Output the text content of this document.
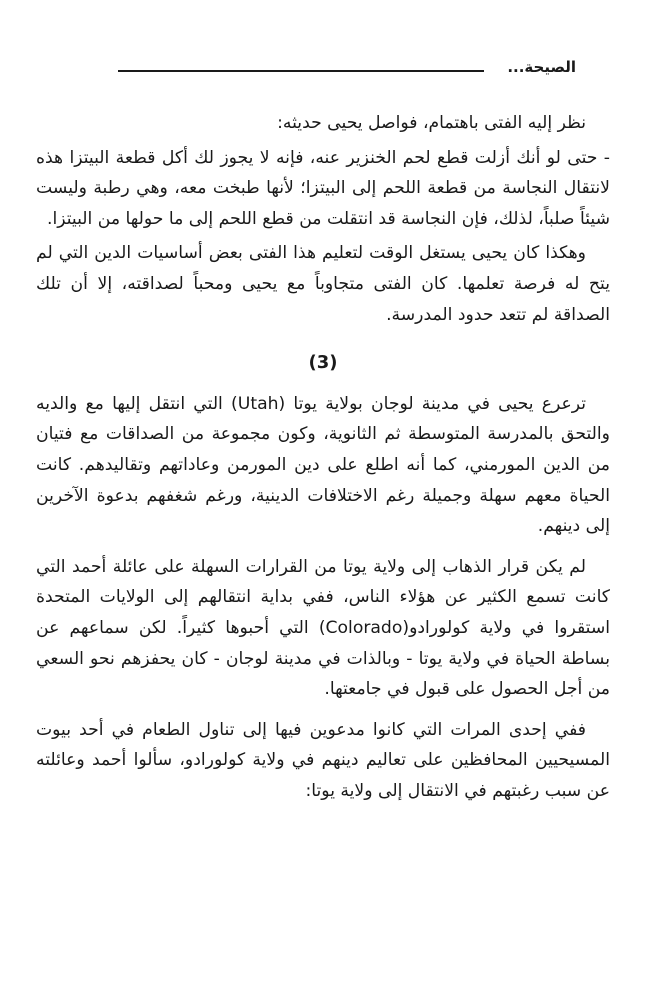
الصيحة...

نظر إليه الفتى باهتمام، فواصل يحيى حديثه:

- حتى لو أنك أزلت قطع لحم الخنزير عنه، فإنه لا يجوز لك أكل قطعة البيتزا هذه لانتقال النجاسة من قطعة اللحم إلى البيتزا؛ لأنها طبخت معه، وهي رطبة وليست شيئاً صلباً، لذلك، فإن النجاسة قد انتقلت من قطع اللحم إلى ما حولها من البيتزا.

وهكذا كان يحيى يستغل الوقت لتعليم هذا الفتى بعض أساسيات الدين التي لم يتح له فرصة تعلمها. كان الفتى متجاوباً مع يحيى ومحباً لصداقته، إلا أن تلك الصداقة لم تتعد حدود المدرسة.

(3)

ترعرع يحيى في مدينة لوجان بولاية يوتا (Utah) التي انتقل إليها مع والديه والتحق بالمدرسة المتوسطة ثم الثانوية، وكون مجموعة من الصداقات مع فتيان من الدين المورمني، كما أنه اطلع على دين المورمن وعاداتهم وتقاليدهم. كانت الحياة معهم سهلة وجميلة رغم الاختلافات الدينية، ورغم شغفهم بدعوة الآخرين إلى دينهم.

لم يكن قرار الذهاب إلى ولاية يوتا من القرارات السهلة على عائلة أحمد التي كانت تسمع الكثير عن هؤلاء الناس، ففي بداية انتقالهم إلى الولايات المتحدة استقروا في ولاية كولورادو(Colorado) التي أحبوها كثيراً. لكن سماعهم عن بساطة الحياة في ولاية يوتا - وبالذات في مدينة لوجان - كان يحفزهم نحو السعي من أجل الحصول على قبول في جامعتها.

ففي إحدى المرات التي كانوا مدعوين فيها إلى تناول الطعام في أحد بيوت المسيحيين المحافظين على تعاليم دينهم في ولاية كولورادو، سألوا أحمد وعائلته عن سبب رغبتهم في الانتقال إلى ولاية يوتا:
